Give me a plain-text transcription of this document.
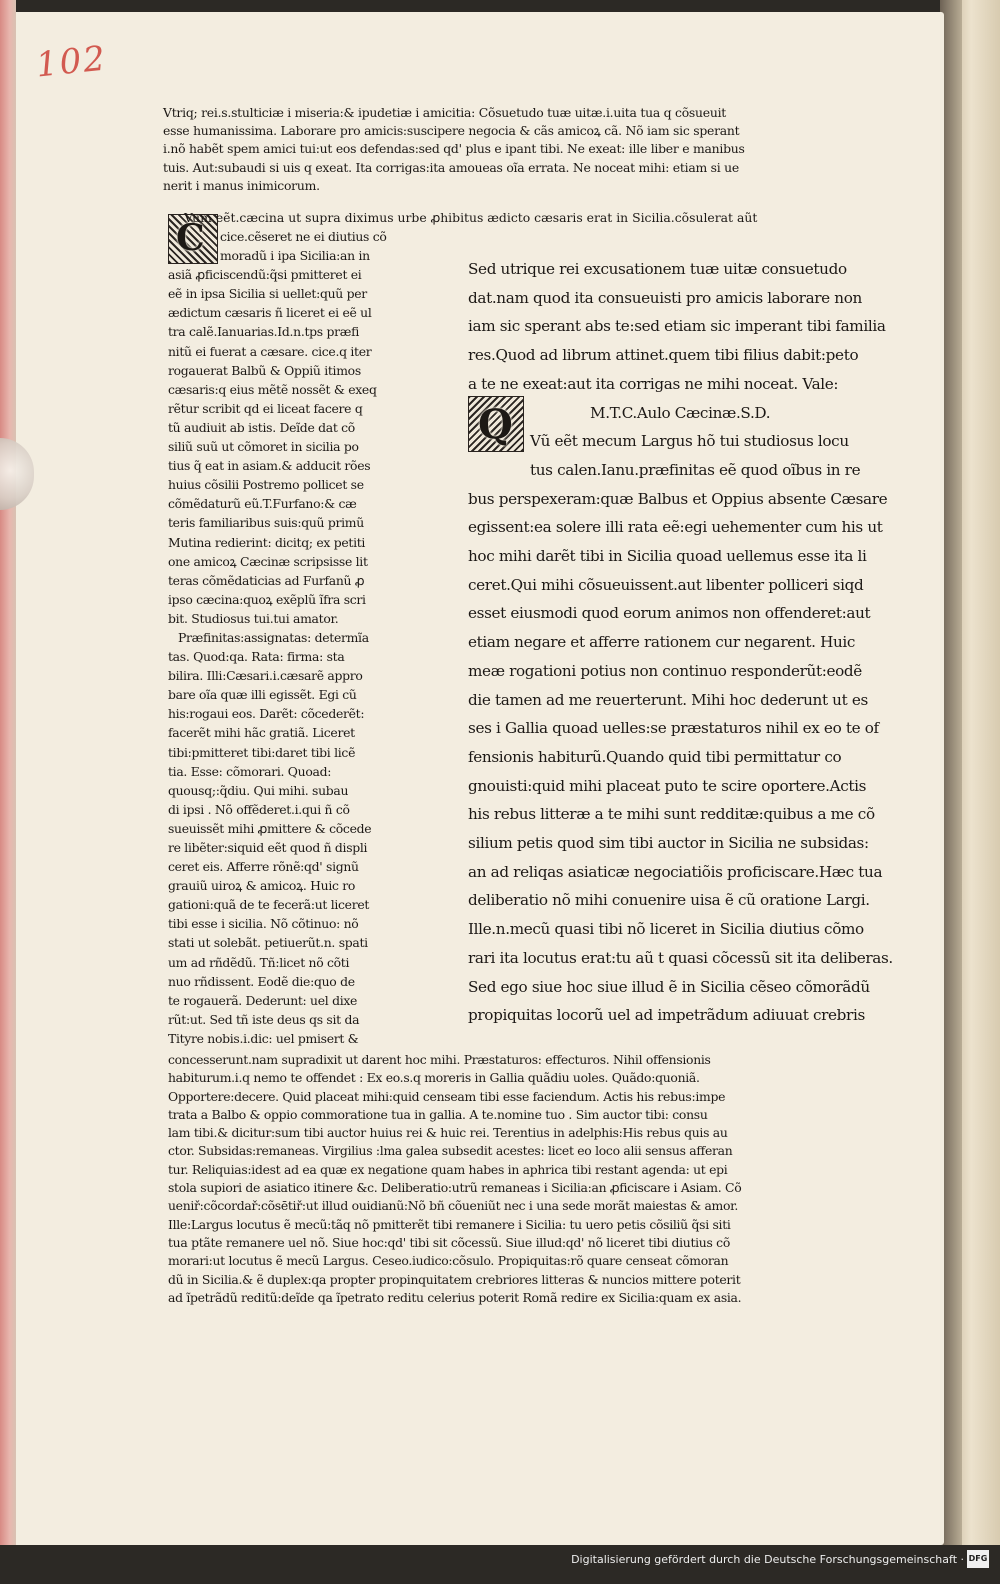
102
Vtriq; rei.s.stulticiæ i miseria:& ipudetiæ i amicitia: Cõsuetudo tuæ uitæ.i.uita tua q cõsueuit
esse humanissima. Laborare pro amicis:suscipere negocia & cãs amicoꝝ cã. Nõ iam sic sperant
i.nõ habẽt spem amici tui:ut eos defendas:sed qd' plus e ipant tibi. Ne exeat: ille liber e manibus
tuis. Aut:subaudi si uis q exeat. Ita corrigas:ita amoueas oĩa errata. Ne noceat mihi: etiam si ue
nerit i manus inimicorum.
C
Vum eẽt.cæcina ut supra diximus urbe ꝓhibitus ædicto cæsaris erat in Sicilia.cõsulerat aũt
cice.cẽseret ne ei diutius cõ
moradũ i ipa Sicilia:an in
asiã ꝓficiscendũ:q̃si pmitteret ei
eẽ in ipsa Sicilia si uellet:quũ per
ædictum cæsaris ñ liceret ei eẽ ul
tra calẽ.Ianuarias.Id.n.tps præfi
nitũ ei fuerat a cæsare. cice.q iter
rogauerat Balbũ & Oppiũ itimos
cæsaris:q eius mẽtẽ nossẽt & exeq
rẽtur scribit qd ei liceat facere q
tũ audiuit ab istis. Deĩde dat cõ
siliũ suũ ut cõmoret in sicilia po
tius q̃ eat in asiam.& adducit rões
huius cõsilii Postremo pollicet se
cõmẽdaturũ eũ.T.Furfano:& cæ
teris familiaribus suis:quũ primũ
Mutina redierint: dicitq; ex petiti
one amicoꝝ Cæcinæ scripsisse lit
teras cõmẽdaticias ad Furfanũ ꝓ
ipso cæcina:quoꝝ exẽplũ ĩfra scri
bit. Studiosus tui.tui amator.
Præfinitas:assignatas: determĩa
tas. Quod:qa. Rata: firma: sta
bilira. Illi:Cæsari.i.cæsarẽ appro
bare oĩa quæ illi egissẽt. Egi cũ
his:rogaui eos. Darẽt: cõcederẽt:
facerẽt mihi hãc gratiã. Liceret
tibi:pmitteret tibi:daret tibi licẽ
tia. Esse: cõmorari. Quoad:
quousq;:q̃diu. Qui mihi. subau
di ipsi . Nõ offẽderet.i.qui ñ cõ
sueuissẽt mihi ꝓmittere & cõcede
re libẽter:siquid eẽt quod ñ displi
ceret eis. Afferre rõnẽ:qd' signũ
grauiũ uiroꝝ & amicoꝝ. Huic ro
gationi:quã de te fecerã:ut liceret
tibi esse i sicilia. Nõ cõtinuo: nõ
stati ut solebãt. petiuerũt.n. spati
um ad rñdẽdũ. Tñ:licet nõ cõti
nuo rñdissent. Eodẽ die:quo de
te rogauerã. Dederunt: uel dixe
rũt:ut. Sed tñ iste deus qs sit da
Tityre nobis.i.dic: uel pmisert &
Sed utrique rei excusationem tuæ uitæ consuetudo
dat.nam quod ita consueuisti pro amicis laborare non
iam sic sperant abs te:sed etiam sic imperant tibi familia
res.Quod ad librum attinet.quem tibi filius dabit:peto
a te ne exeat:aut ita corrigas ne mihi noceat. Vale:
M.T.C.Aulo Cæcinæ.S.D.
Vũ eẽt mecum Largus hõ tui studiosus locu
tus calen.Ianu.præfinitas eẽ quod oĩbus in re
bus perspexeram:quæ Balbus et Oppius absente Cæsare
egissent:ea solere illi rata eẽ:egi uehementer cum his ut
hoc mihi darẽt tibi in Sicilia quoad uellemus esse ita li
ceret.Qui mihi cõsueuissent.aut libenter polliceri siqd
esset eiusmodi quod eorum animos non offenderet:aut
etiam negare et afferre rationem cur negarent. Huic
meæ rogationi potius non continuo responderũt:eodẽ
die tamen ad me reuerterunt. Mihi hoc dederunt ut es
ses i Gallia quoad uelles:se præstaturos nihil ex eo te of
fensionis habiturũ.Quando quid tibi permittatur co
gnouisti:quid mihi placeat puto te scire oportere.Actis
his rebus litteræ a te mihi sunt redditæ:quibus a me cõ
silium petis quod sim tibi auctor in Sicilia ne subsidas:
an ad reliqas asiaticæ negociatiõis proficiscare.Hæc tua
deliberatio nõ mihi conuenire uisa ẽ cũ oratione Largi.
Ille.n.mecũ quasi tibi nõ liceret in Sicilia diutius cõmo
rari ita locutus erat:tu aũ t quasi cõcessũ sit ita deliberas.
Sed ego siue hoc siue illud ẽ in Sicilia cẽseo cõmorãdũ
propiquitas locorũ uel ad impetrãdum adiuuat crebris
Q
concesserunt.nam supradixit ut darent hoc mihi. Præstaturos: effecturos. Nihil offensionis
habiturum.i.q nemo te offendet : Ex eo.s.q moreris in Gallia quãdiu uoles. Quãdo:quoniã.
Opportere:decere. Quid placeat mihi:quid censeam tibi esse faciendum. Actis his rebus:impe
trata a Balbo & oppio commoratione tua in gallia. A te.nomine tuo . Sim auctor tibi: consu
lam tibi.& dicitur:sum tibi auctor huius rei & huic rei. Terentius in adelphis:His rebus quis au
ctor. Subsidas:remaneas. Virgilius :lma galea subsedit acestes: licet eo loco alii sensus afferan
tur. Reliquias:idest ad ea quæ ex negatione quam habes in aphrica tibi restant agenda: ut epi
stola supiori de asiatico itinere &c. Deliberatio:utrũ remaneas i Sicilia:an ꝓficiscare i Asiam. Cõ
ueniř:cõcordař:cõsētiř:ut illud ouidianũ:Nõ bñ cõueniũt nec i una sede morãt maiestas & amor.
Ille:Largus locutus ẽ mecũ:tãq nõ pmitterẽt tibi remanere i Sicilia: tu uero petis cõsiliũ q̃si siti
tua ptãte remanere uel nõ. Siue hoc:qd' tibi sit cõcessũ. Siue illud:qd' nõ liceret tibi diutius cõ
morari:ut locutus ẽ mecũ Largus. Ceseo.iudico:cõsulo. Propiquitas:rõ quare censeat cõmoran
dũ in Sicilia.& ẽ duplex:qa propter propinquitatem crebriores litteras & nuncios mittere poterit
ad ĩpetrãdũ reditũ:deĩde qa ĩpetrato reditu celerius poterit Romã redire ex Sicilia:quam ex asia.
Digitalisierung gefördert durch die Deutsche Forschungsgemeinschaft · DFG
